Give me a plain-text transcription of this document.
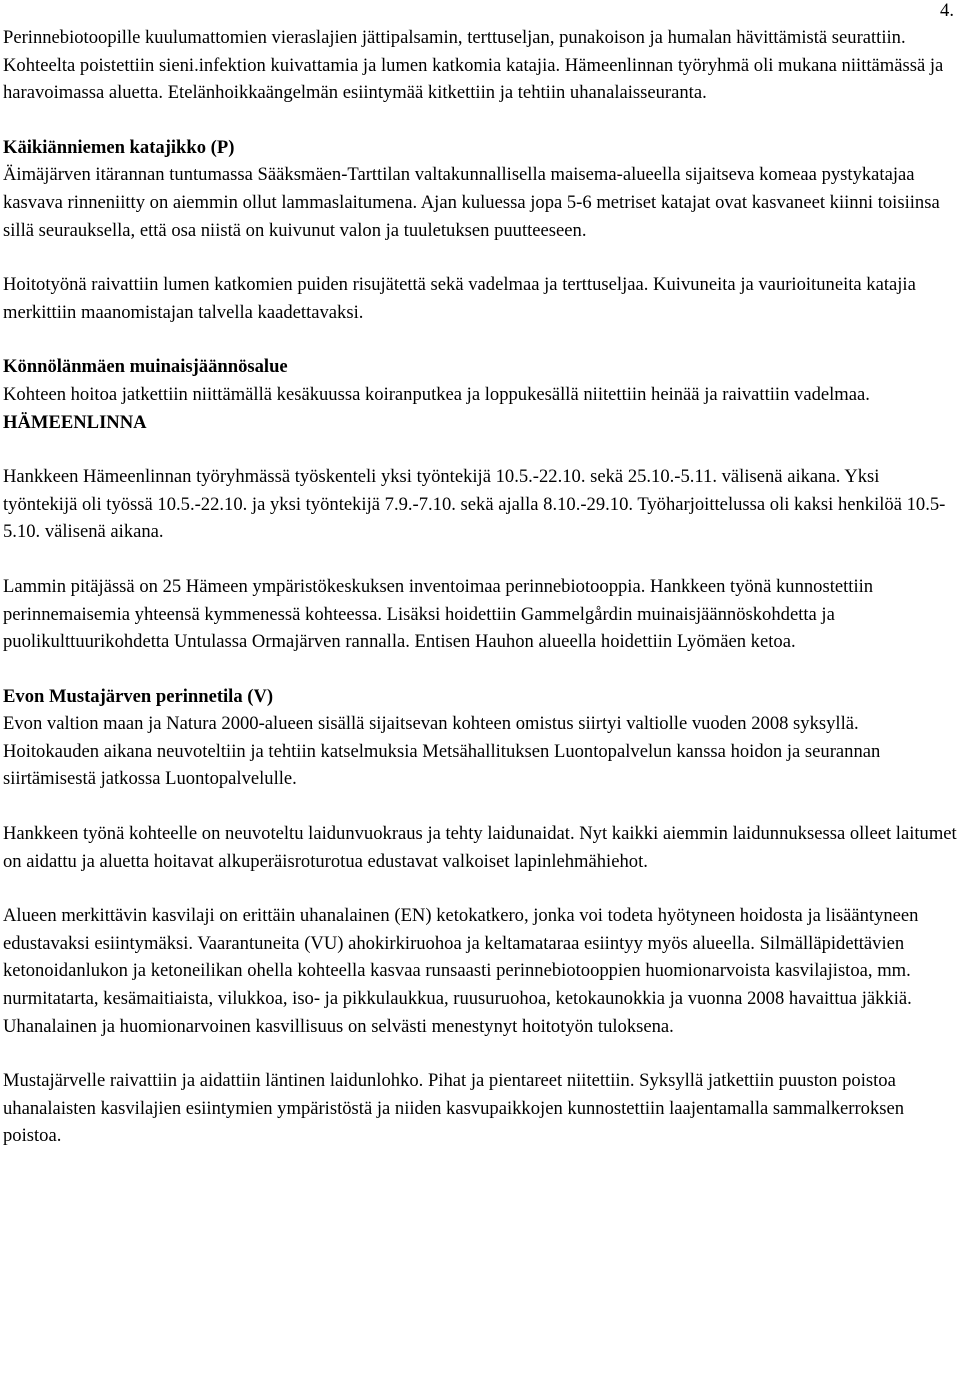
4.

Perinnebiotoopille kuulumattomien vieraslajien jättipalsamin, terttuseljan, punakoison ja humalan hävittämistä seurattiin. Kohteelta poistettiin sieni.infektion kuivattamia ja lumen katkomia katajia. Hämeenlinnan työryhmä oli mukana niittämässä ja haravoimassa aluetta. Etelänhoikkaängelmän esiintymää kitkettiin ja tehtiin uhanalaisseuranta.

Käikiänniemen katajikko (P)

Äimäjärven itärannan tuntumassa Sääksmäen-Tarttilan valtakunnallisella maisema-alueella sijaitseva komeaa pystykatajaa kasvava rinneniitty on aiemmin ollut lammaslaitumena. Ajan kuluessa jopa 5-6 metriset katajat ovat kasvaneet kiinni toisiinsa sillä seurauksella, että osa niistä on kuivunut valon ja tuuletuksen puutteeseen.

Hoitotyönä raivattiin lumen katkomien puiden risujätettä sekä vadelmaa ja terttuseljaa. Kuivuneita ja vaurioituneita katajia merkittiin maanomistajan talvella kaadettavaksi.

Könnölänmäen muinaisjäännösalue

Kohteen hoitoa jatkettiin niittämällä kesäkuussa koiranputkea ja loppukesällä niitettiin heinää ja raivattiin vadelmaa.

HÄMEENLINNA

Hankkeen Hämeenlinnan työryhmässä työskenteli yksi työntekijä 10.5.-22.10. sekä 25.10.-5.11. välisenä aikana. Yksi työntekijä oli työssä 10.5.-22.10. ja yksi työntekijä 7.9.-7.10. sekä ajalla 8.10.-29.10. Työharjoittelussa oli kaksi henkilöä 10.5-5.10. välisenä aikana.

Lammin pitäjässä on 25 Hämeen ympäristökeskuksen inventoimaa perinnebiotooppia. Hankkeen työnä kunnostettiin perinnemaisemia yhteensä kymmenessä kohteessa. Lisäksi hoidettiin Gammelgårdin muinaisjäännöskohdetta ja puolikulttuurikohdetta Untulassa Ormajärven rannalla. Entisen Hauhon alueella hoidettiin Lyömäen ketoa.

Evon Mustajärven perinnetila (V)

Evon valtion maan ja Natura 2000-alueen sisällä sijaitsevan kohteen omistus siirtyi valtiolle vuoden 2008 syksyllä. Hoitokauden aikana neuvoteltiin ja tehtiin katselmuksia Metsähallituksen Luontopalvelun kanssa hoidon ja seurannan siirtämisestä jatkossa Luontopalvelulle.

Hankkeen työnä kohteelle on neuvoteltu laidunvuokraus ja tehty laidunaidat. Nyt kaikki aiemmin laidunnuksessa olleet laitumet on aidattu ja aluetta hoitavat alkuperäisroturotua edustavat valkoiset lapinlehmähiehot.

Alueen merkittävin kasvilaji on erittäin uhanalainen (EN) ketokatkero, jonka voi todeta hyötyneen hoidosta ja lisääntyneen edustavaksi esiintymäksi. Vaarantuneita (VU) ahokirkiruohoa ja keltamataraa esiintyy myös alueella. Silmälläpidettävien ketonoidanlukon ja ketoneilikan ohella kohteella kasvaa runsaasti perinnebiotooppien huomionarvoista kasvilajistoa, mm. nurmitatarta, kesämaitiaista, vilukkoa, iso- ja pikkulaukkua, ruusuruohoa, ketokaunokkia ja vuonna 2008 havaittua jäkkiä. Uhanalainen ja huomionarvoinen kasvillisuus on selvästi menestynyt hoitotyön tuloksena.

Mustajärvelle raivattiin ja aidattiin läntinen laidunlohko. Pihat ja pientareet niitettiin. Syksyllä jatkettiin puuston poistoa uhanalaisten kasvilajien esiintymien ympäristöstä ja niiden kasvupaikkojen kunnostettiin laajentamalla sammalkerroksen poistoa.
